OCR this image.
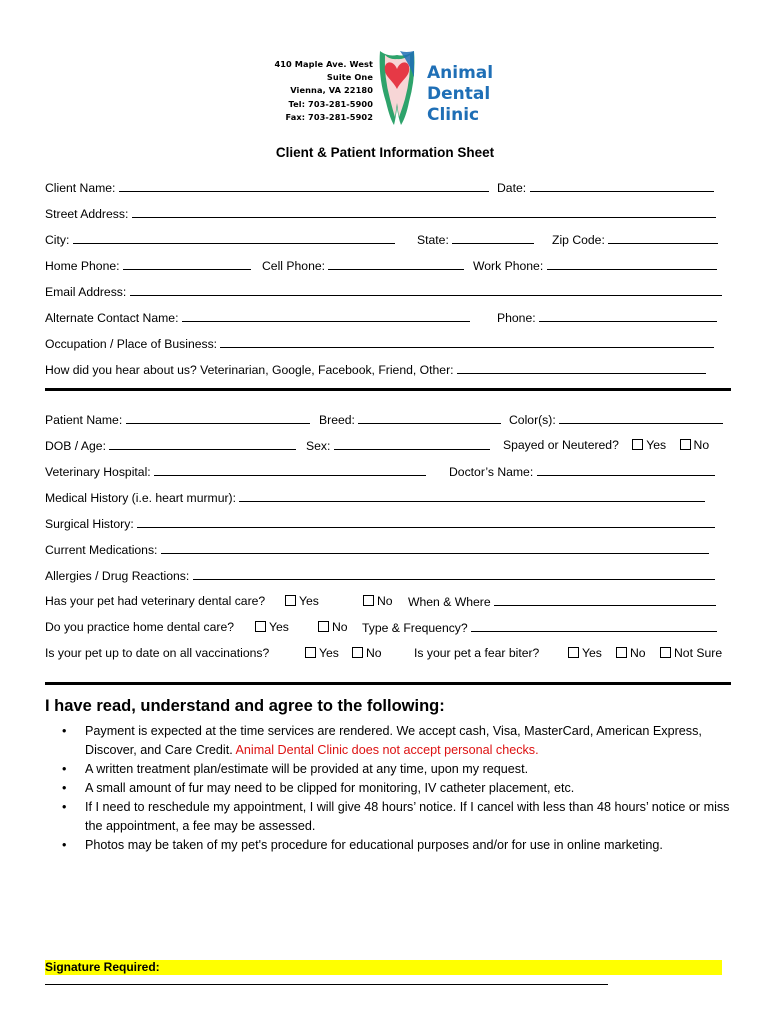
410 Maple Ave. West
Suite One
Vienna, VA 22180
Tel: 703-281-5900
Fax: 703-281-5902
Animal
Dental
Clinic
Client & Patient Information Sheet
Client Name:	Date:
Street Address:
City:	State:	Zip Code:
Home Phone:	Cell Phone:	Work Phone:
Email Address:
Alternate Contact Name:	Phone:
Occupation / Place of Business:
How did you hear about us? Veterinarian, Google, Facebook, Friend, Other:
Patient Name:	Breed:	Color(s):
DOB / Age:	Sex:	Spayed or Neutered? Yes No
Veterinary Hospital:	Doctor’s Name:
Medical History (i.e. heart murmur):
Surgical History:
Current Medications:
Allergies / Drug Reactions:
Has your pet had veterinary dental care?	Yes	No When & Where
Do you practice home dental care?	Yes	No Type & Frequency?
Is your pet up to date on all vaccinations?	Yes	No	Is your pet a fear biter?	Yes	No	Not Sure
I have read, understand and agree to the following:
• Payment is expected at the time services are rendered. We accept cash, Visa, MasterCard, American Express, Discover, and Care Credit. Animal Dental Clinic does not accept personal checks.
• A written treatment plan/estimate will be provided at any time, upon my request.
• A small amount of fur may need to be clipped for monitoring, IV catheter placement, etc.
• If I need to reschedule my appointment, I will give 48 hours’ notice. If I cancel with less than 48 hours’ notice or miss the appointment, a fee may be assessed.
• Photos may be taken of my pet's procedure for educational purposes and/or for use in online marketing.
Signature Required:
